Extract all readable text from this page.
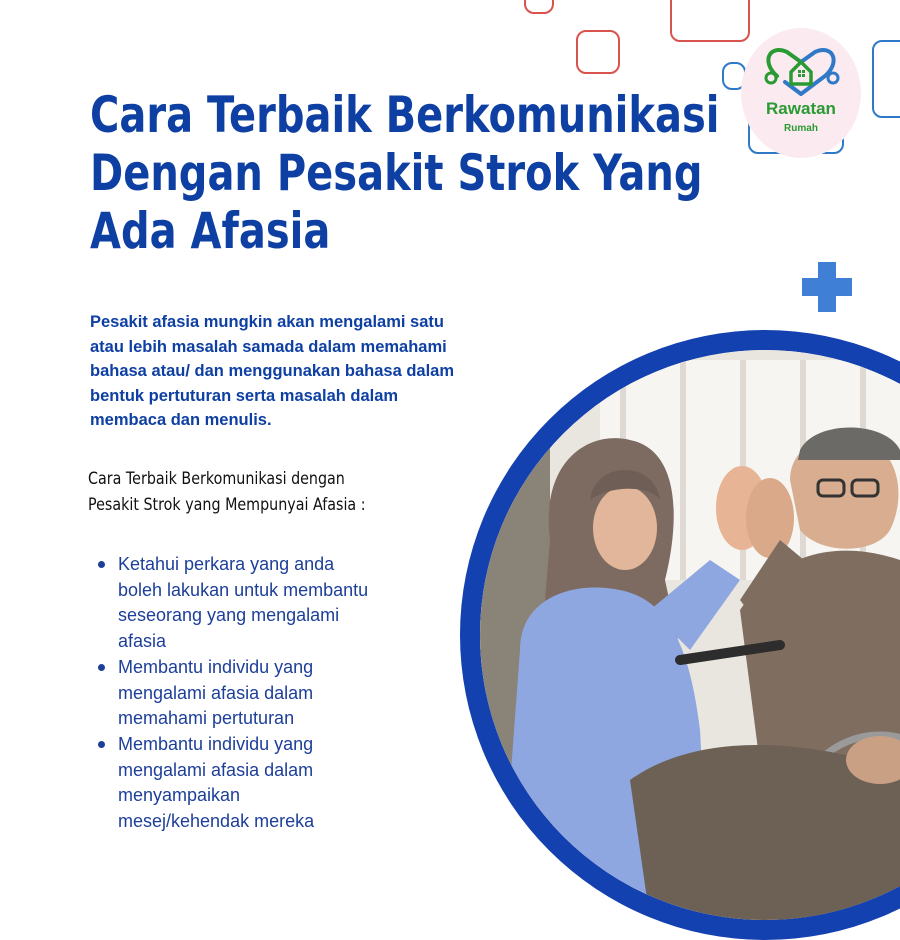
Rawatan
Rumah
Cara Terbaik Berkomunikasi
Dengan Pesakit Strok Yang
Ada Afasia

Pesakit afasia mungkin akan mengalami satu
atau lebih masalah samada dalam memahami
bahasa atau/ dan menggunakan bahasa dalam
bentuk pertuturan serta masalah dalam
membaca dan menulis.

Cara Terbaik Berkomunikasi dengan
Pesakit Strok yang Mempunyai Afasia :

Ketahui perkara yang anda
boleh lakukan untuk membantu
seseorang yang mengalami
afasia
Membantu individu yang
mengalami afasia dalam
memahami pertuturan
Membantu individu yang
mengalami afasia dalam
menyampaikan
mesej/kehendak mereka
